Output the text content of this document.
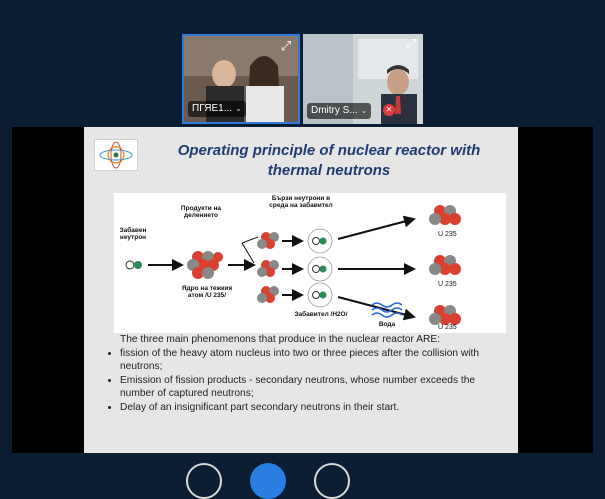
⤢
ПГЯЕ1... ⌄
⤢
Dmitry S... ⌄	✕
Operating principle of nuclear reactor with thermal neutrons
Забавен неутрон
Продукти на делението
Бързи неутрони в среда на забавител
Ядро на тежкия атом /U 235/
Забавител /H2O/
Вода
U 235
U 235
U 235
The three main phenomenons that produce in the nuclear reactor ARE:
• fission of the heavy atom nucleus into two or three pieces after the collision with neutrons;
• Emission of fission products - secondary neutrons, whose number exceeds the number of captured neutrons;
• Delay of an insignificant part secondary neutrons in their start.
